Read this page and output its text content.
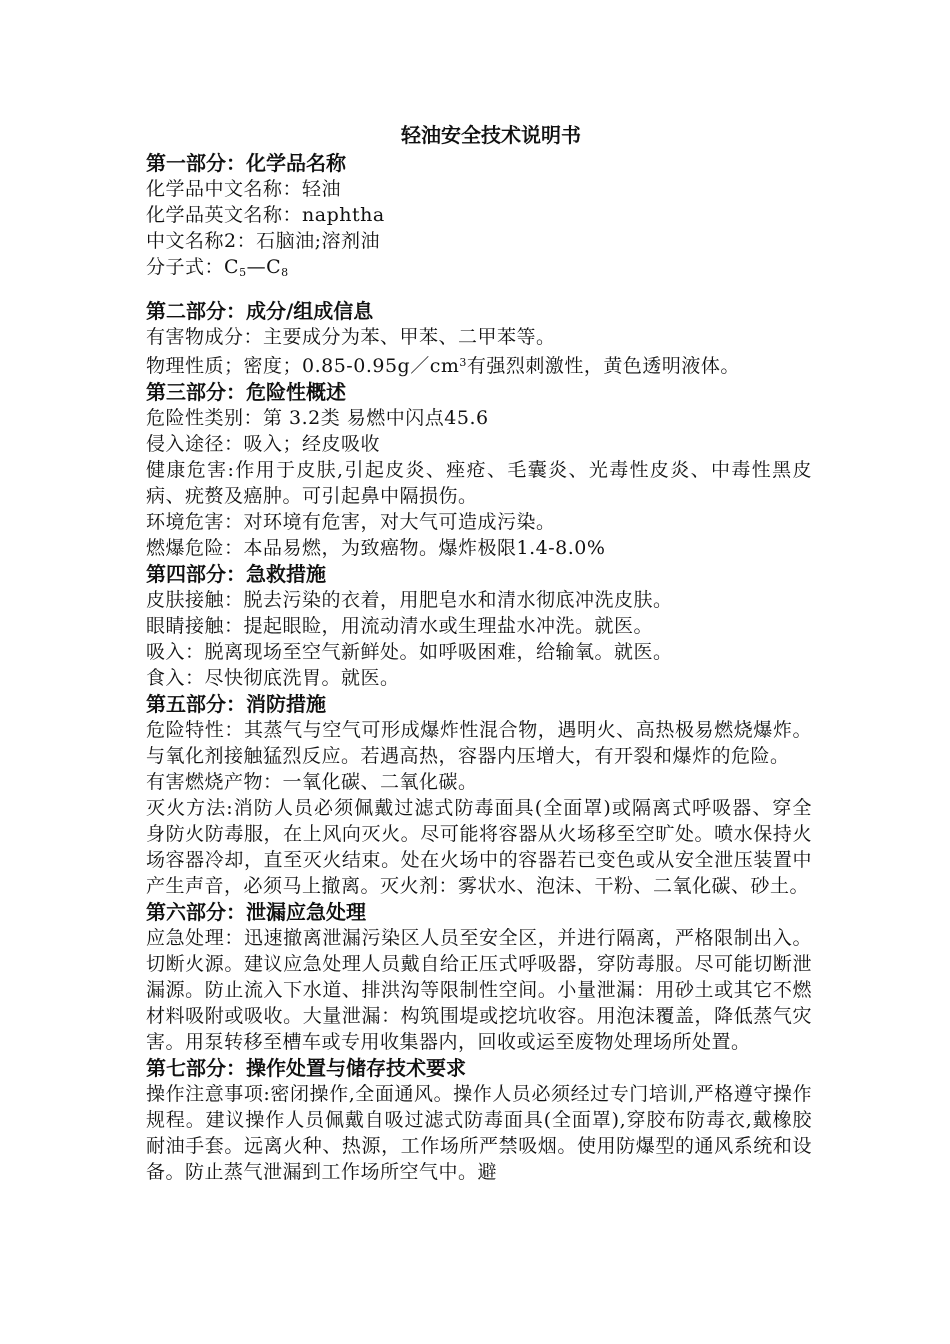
轻油安全技术说明书

第一部分：化学品名称

化学品中文名称：轻油

化学品英文名称：naphtha

中文名称2：石脑油;溶剂油

分子式：$C_5—C_8$

第二部分：成分/组成信息

有害物成分：主要成分为苯、甲苯、二甲苯等。

物理性质；密度；$0.85-0.95g/cm^3$有强烈刺激性，黄色透明液体。

第三部分：危险性概述

危险性类别：第 3.2类 易燃中闪点45.6

侵入途径：吸入；经皮吸收

健康危害:作用于皮肤,引起皮炎、痤疮、毛囊炎、光毒性皮炎、中毒性黑皮病、疣赘及癌肿。可引起鼻中隔损伤。

环境危害：对环境有危害，对大气可造成污染。

燃爆危险：本品易燃，为致癌物。爆炸极限1.4-8.0%

第四部分：急救措施

皮肤接触：脱去污染的衣着，用肥皂水和清水彻底冲洗皮肤。

眼睛接触：提起眼睑，用流动清水或生理盐水冲洗。就医。

吸入：脱离现场至空气新鲜处。如呼吸困难，给输氧。就医。

食入：尽快彻底洗胃。就医。

第五部分：消防措施

危险特性：其蒸气与空气可形成爆炸性混合物，遇明火、高热极易燃烧爆炸。与氧化剂接触猛烈反应。若遇高热，容器内压增大，有开裂和爆炸的危险。

有害燃烧产物：一氧化碳、二氧化碳。

灭火方法:消防人员必须佩戴过滤式防毒面具(全面罩)或隔离式呼吸器、穿全身防火防毒服，在上风向灭火。尽可能将容器从火场移至空旷处。喷水保持火场容器冷却，直至灭火结束。处在火场中的容器若已变色或从安全泄压装置中产生声音，必须马上撤离。灭火剂：雾状水、泡沫、干粉、二氧化碳、砂土。

第六部分：泄漏应急处理

应急处理：迅速撤离泄漏污染区人员至安全区，并进行隔离，严格限制出入。切断火源。建议应急处理人员戴自给正压式呼吸器，穿防毒服。尽可能切断泄漏源。防止流入下水道、排洪沟等限制性空间。小量泄漏：用砂土或其它不燃材料吸附或吸收。大量泄漏：构筑围堤或挖坑收容。用泡沫覆盖，降低蒸气灾害。用泵转移至槽车或专用收集器内，回收或运至废物处理场所处置。

第七部分：操作处置与储存技术要求

操作注意事项:密闭操作,全面通风。操作人员必须经过专门培训,严格遵守操作规程。建议操作人员佩戴自吸过滤式防毒面具(全面罩),穿胶布防毒衣,戴橡胶耐油手套。远离火种、热源，工作场所严禁吸烟。使用防爆型的通风系统和设备。防止蒸气泄漏到工作场所空气中。避
